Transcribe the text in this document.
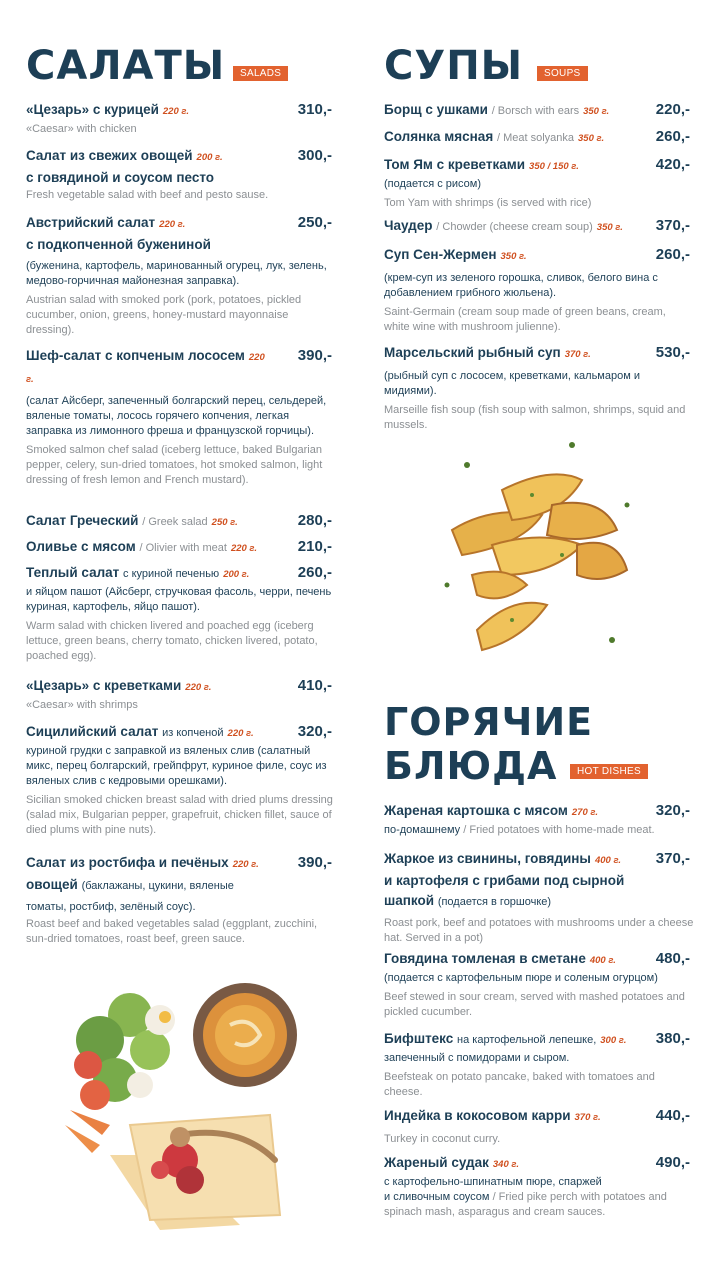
САЛАТЫ	SALADS
«Цезарь» с курицей 220 г.	310,-
«Caesar» with chicken
Салат из свежих овощей 200 г.
с говядиной и соусом песто
300,-
Fresh vegetable salad with beef and pesto sause.
Австрийский салат 220 г.
с подкопченной бужениной
250,-
(буженина, картофель, маринованный огурец, лук, зелень, медово-горчичная майонезная заправка).
Austrian salad with smoked pork (pork, potatoes, pickled cucumber, onion, greens, honey-mustard mayonnaise dressing).
Шеф-салат с копченым лососем 220 г.
390,-
(салат Айсберг, запеченный болгарский перец, сельдерей, вяленые томаты, лосось горячего копчения, легкая заправка из лимонного фреша и французской горчицы).
Smoked salmon chef salad (iceberg lettuce, baked Bulgarian pepper, celery, sun-dried tomatoes, hot smoked salmon, light dressing of fresh lemon and French mustard).
Салат Греческий / Greek salad 250 г.	280,-
Оливье с мясом / Olivier with meat 220 г.	210,-
Теплый салат с куриной печенью 200 г.	260,-
и яйцом пашот (Айсберг, стручковая фасоль, черри, печень куриная, картофель, яйцо пашот).
Warm salad with chicken livered and poached egg (iceberg lettuce, green beans, cherry tomato, chicken livered, potato, poached egg).
«Цезарь» с креветками 220 г.	410,-
«Caesar» with shrimps
Сицилийский салат из копченой 220 г.	320,-
куриной грудки с заправкой из вяленых слив (салатный микс, перец болгарский, грейпфрут, куриное филе, соус из вяленых слив с кедровыми орешками).
Sicilian smoked chicken breast salad with dried plums dressing (salad mix, Bulgarian pepper, grapefruit, chicken fillet, sauce of died plums with pine nuts).
Салат из ростбифа и печёных 220 г.
овощей (баклажаны, цукини, вяленые томаты, ростбиф, зелёный соус).
390,-
Roast beef and baked vegetables salad (eggplant, zucchini, sun-dried tomatoes, roast beef, green sauce.
СУПЫ	SOUPS
Борщ с ушками / Borsch with ears 350 г.	220,-
Солянка мясная / Meat solyanka 350 г.	260,-
Том Ям с креветками 350 / 150 г.	420,-
(подается с рисом)
Tom Yam with shrimps (is served with rice)
Чаудер / Chowder (cheese cream soup) 350 г. 370,-
Суп Сен-Жермен 350 г.	260,-
(крем-суп из зеленого горошка, сливок, белого вина с добавлением грибного жюльена).
Saint-Germain (cream soup made of green beans, cream, white wine with mushroom julienne).
Марсельский рыбный суп 370 г.	530,-
(рыбный суп с лососем, креветками, кальмаром и мидиями).
Marseille fish soup (fish soup with salmon, shrimps, squid and mussels.
ГОРЯЧИЕ
БЛЮДА	HOT DISHES
Жареная картошка с мясом 270 г.	320,-
по-домашнему / Fried potatoes with home-made meat.
Жаркое из свинины, говядины 400 г.
и картофеля с грибами под сырной
шапкой (подается в горшочке)
370,-
Roast pork, beef and potatoes with mushrooms under a cheese hat. Served in a pot)
Говядина томленая в сметане 400 г.	480,-
(подается с картофельным пюре и соленым огурцом)
Beef stewed in sour cream, served with mashed potatoes and pickled cucumber.
Бифштекс на картофельной лепешке, 300 г. 380,-
запеченный с помидорами и сыром.
Beefsteak on potato pancake, baked with tomatoes and cheese.
Индейка в кокосовом карри 370 г.	440,-
Turkey in coconut curry.
Жареный судак 340 г.	490,-
с картофельно-шпинатным пюре, спаржей
и сливочным соусом / Fried pike perch with potatoes and spinach mash, asparagus and cream sauces.
